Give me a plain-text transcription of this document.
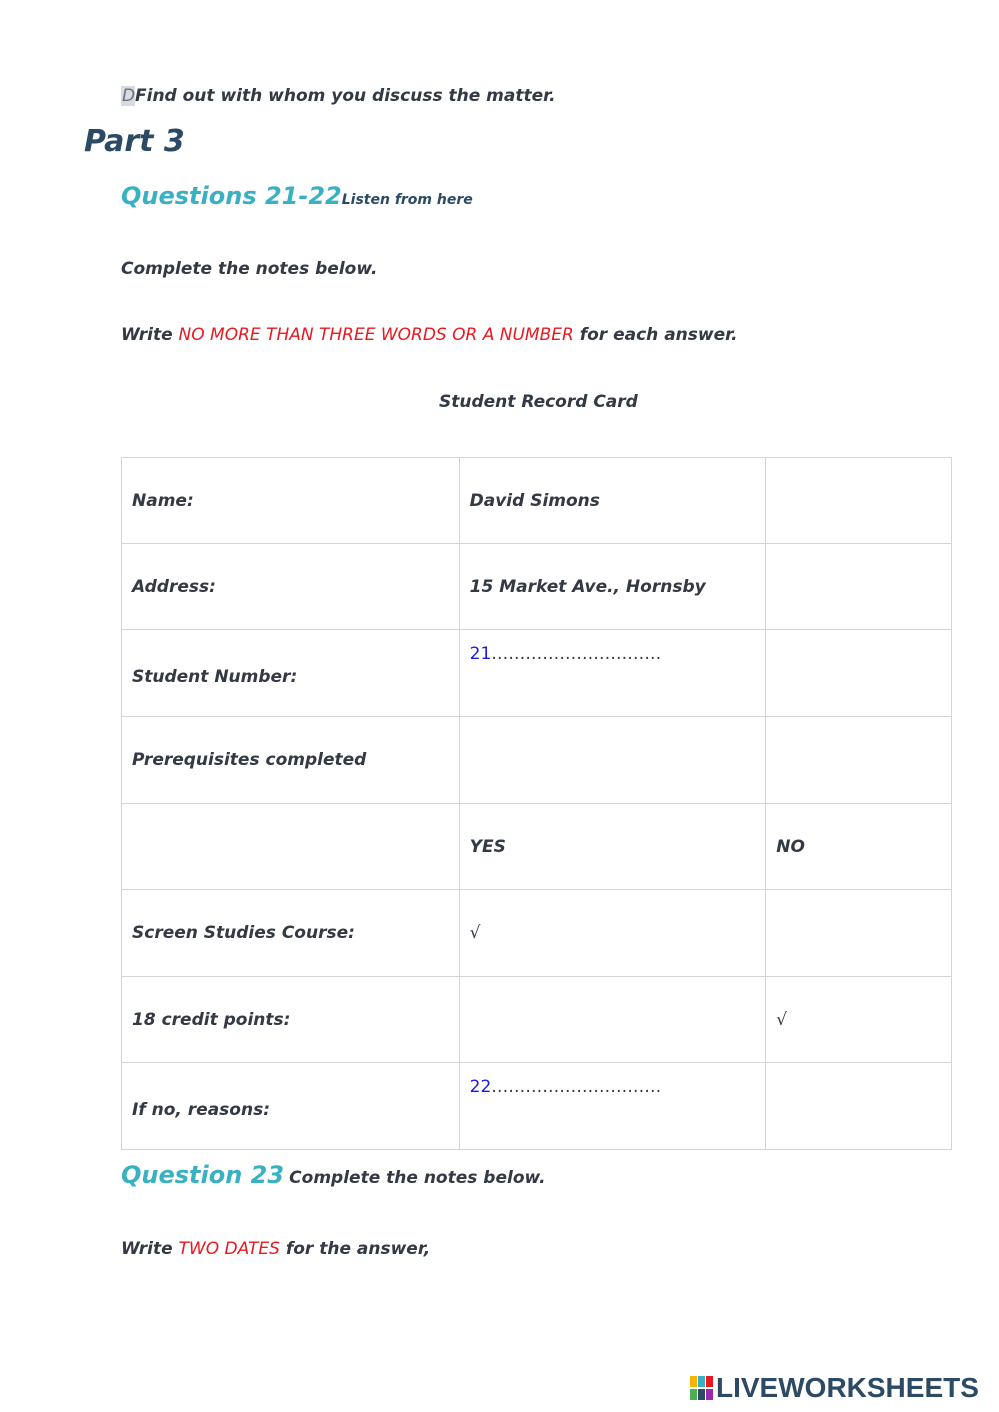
DFind out with whom you discuss the matter.
Part 3
Questions 21-22Listen from here
Complete the notes below.
Write NO MORE THAN THREE WORDS OR A NUMBER for each answer.
Student Record Card
Name:	David Simons	
Address:	15 Market Ave., Hornsby	

Student Number:	21…………………………	

Prerequisites completed		
	YES	NO
Screen Studies Course:	√	
18 credit points:		√

If no, reasons:	22…………………………	

Question 23 Complete the notes below.
Write TWO DATES for the answer,
LIVEWORKSHEETS
